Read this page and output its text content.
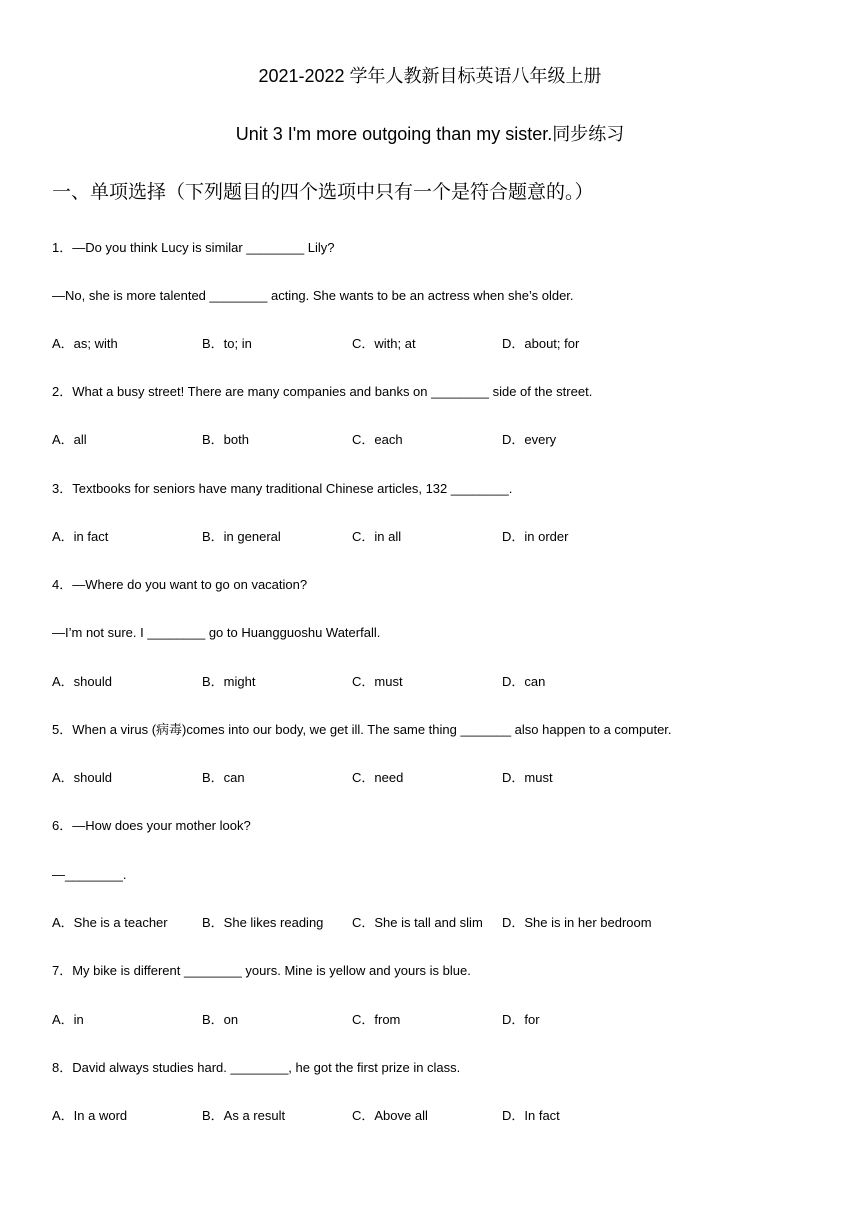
2021-2022 学年人教新目标英语八年级上册
Unit 3 I'm more outgoing than my sister.同步练习
一、单项选择（下列题目的四个选项中只有一个是符合题意的。）
1．—Do you think Lucy is similar ________ Lily?
—No, she is more talented ________ acting. She wants to be an actress when she’s older.
A．as; with	B．to; in	C．with; at	D．about; for
2．What a busy street! There are many companies and banks on ________ side of the street.
A．all	B．both	C．each	D．every
3．Textbooks for seniors have many traditional Chinese articles, 132 ________.
A．in fact	B．in general	C．in all	D．in order
4．—Where do you want to go on vacation?
—I’m not sure. I ________ go to Huangguoshu Waterfall.
A．should	B．might	C．must	D．can
5．When a virus (病毒)comes into our body, we get ill. The same thing _______ also happen to a computer.
A．should	B．can	C．need	D．must
6．—How does your mother look?
—________.
A．She is a teacher	B．She likes reading C．She is tall and slim D．She is in her bedroom
7．My bike is different ________ yours. Mine is yellow and yours is blue.
A．in	B．on	C．from	D．for
8．David always studies hard. ________, he got the first prize in class.
A．In a word	B．As a result	C．Above all	D．In fact
